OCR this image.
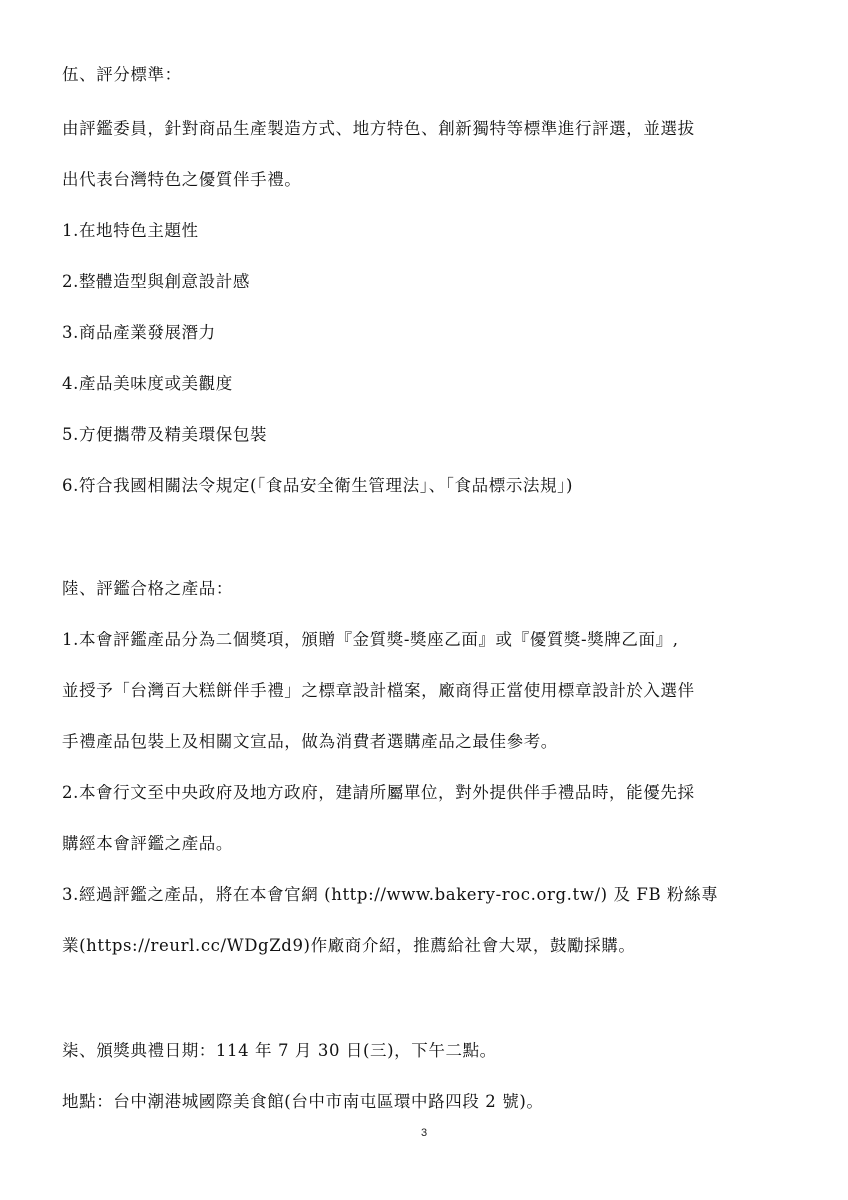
伍、評分標準：
由評鑑委員，針對商品生產製造方式、地方特色、創新獨特等標準進行評選，並選拔
出代表台灣特色之優質伴手禮。
1.在地特色主題性
2.整體造型與創意設計感
3.商品產業發展潛力
4.產品美味度或美觀度
5.方便攜帶及精美環保包裝
6.符合我國相關法令規定(「食品安全衛生管理法」、「食品標示法規」)
陸、評鑑合格之產品：
1.本會評鑑產品分為二個獎項，頒贈『金質獎-獎座乙面』或『優質獎-獎牌乙面』,
並授予「台灣百大糕餅伴手禮」之標章設計檔案，廠商得正當使用標章設計於入選伴
手禮產品包裝上及相關文宣品，做為消費者選購產品之最佳參考。
2.本會行文至中央政府及地方政府，建請所屬單位，對外提供伴手禮品時，能優先採
購經本會評鑑之產品。
3.經過評鑑之產品，將在本會官網 (http://www.bakery-roc.org.tw/) 及 FB 粉絲專
業(https://reurl.cc/WDgZd9)作廠商介紹，推薦給社會大眾，鼓勵採購。
柒、頒獎典禮日期：114 年 7 月 30 日(三)，下午二點。
地點：台中潮港城國際美食館(台中市南屯區環中路四段 2 號)。
3
